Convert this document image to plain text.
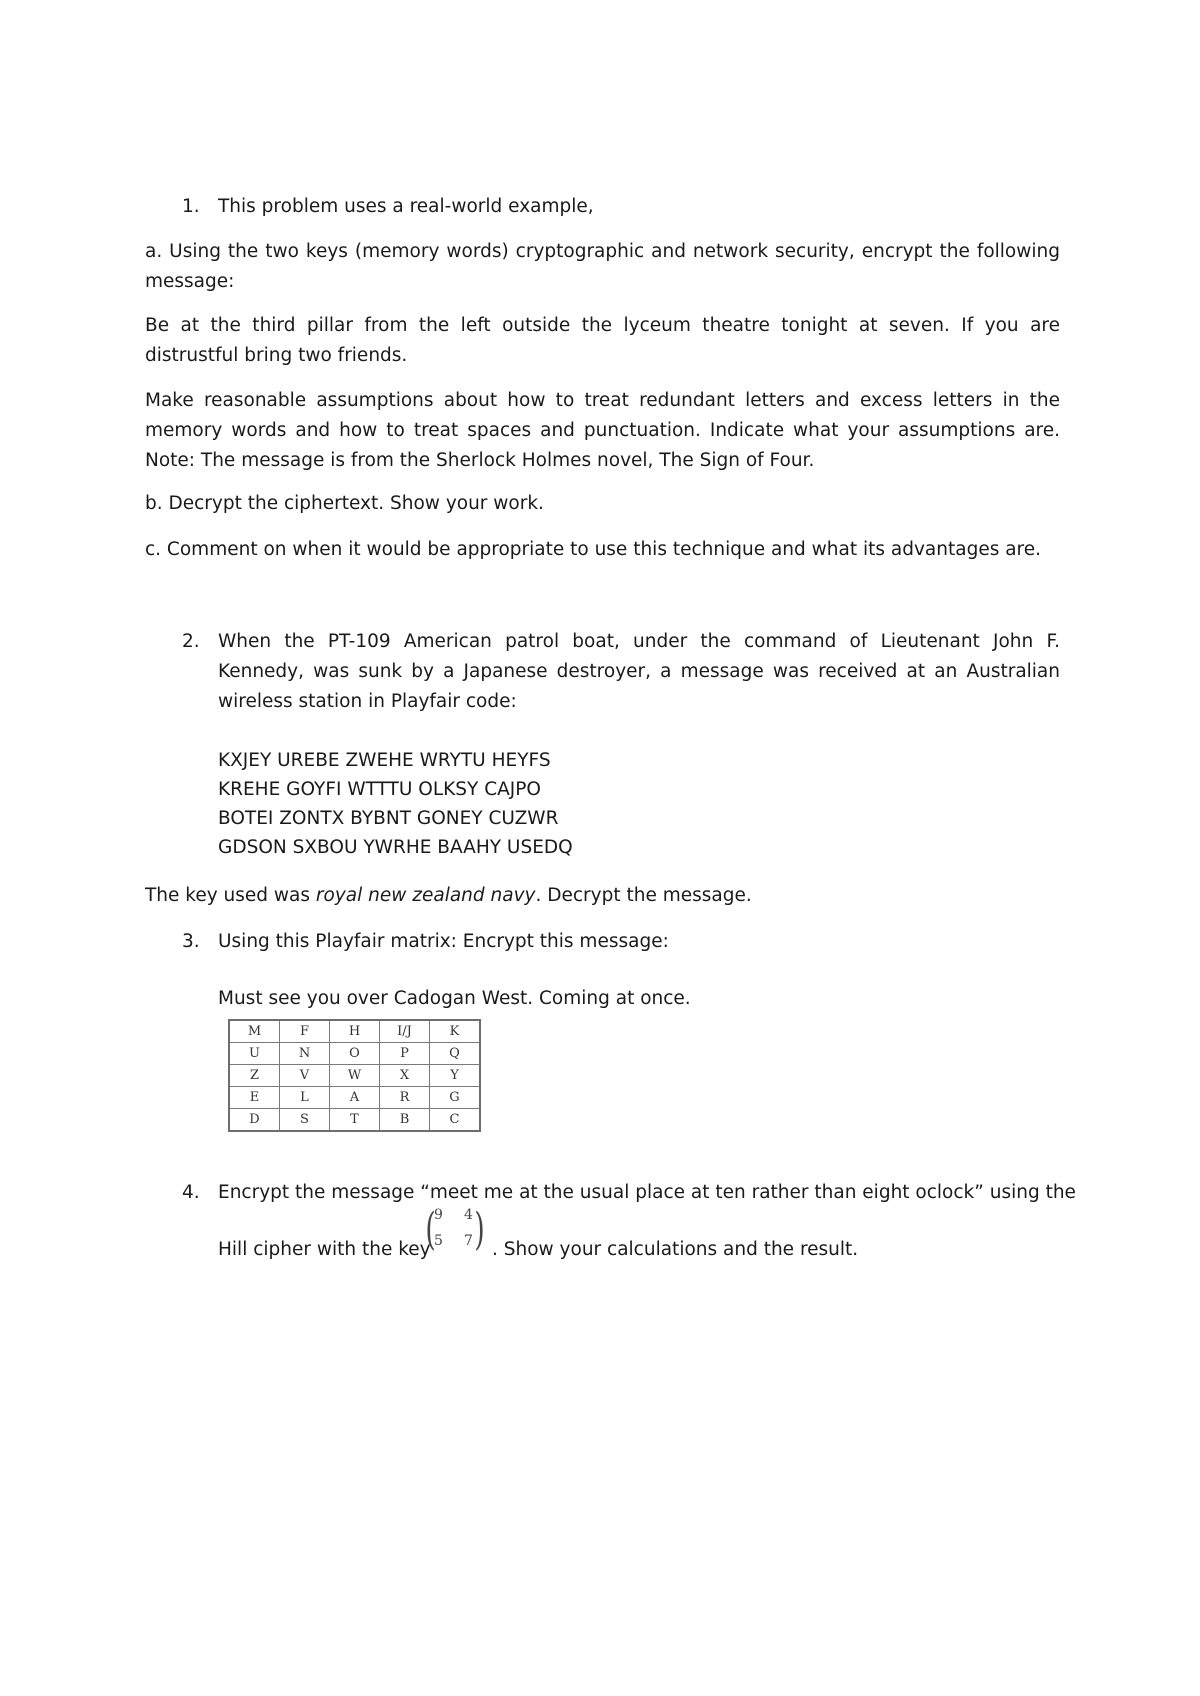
1. This problem uses a real-world example,
a. Using the two keys (memory words) cryptographic and network security, encrypt the following message:
Be at the third pillar from the left outside the lyceum theatre tonight at seven. If you are distrustful bring two friends.
Make reasonable assumptions about how to treat redundant letters and excess letters in the memory words and how to treat spaces and punctuation. Indicate what your assumptions are. Note: The message is from the Sherlock Holmes novel, The Sign of Four.
b. Decrypt the ciphertext. Show your work.
c. Comment on when it would be appropriate to use this technique and what its advantages are.
2. When the PT-109 American patrol boat, under the command of Lieutenant John F. Kennedy, was sunk by a Japanese destroyer, a message was received at an Australian wireless station in Playfair code:
KXJEY UREBE ZWEHE WRYTU HEYFS
KREHE GOYFI WTTTU OLKSY CAJPO
BOTEI ZONTX BYBNT GONEY CUZWR
GDSON SXBOU YWRHE BAAHY USEDQ
The key used was royal new zealand navy. Decrypt the message.
3. Using this Playfair matrix: Encrypt this message:
Must see you over Cadogan West. Coming at once.
M	F	H	I/J	K
U	N	O	P	Q
Z	V	W	X	Y
E	L	A	R	G
D	S	T	B	C
4. Encrypt the message “meet me at the usual place at ten rather than eight oclock” using the
Hill cipher with the key
(
9 4
5 7 ) . Show your calculations and the result.
